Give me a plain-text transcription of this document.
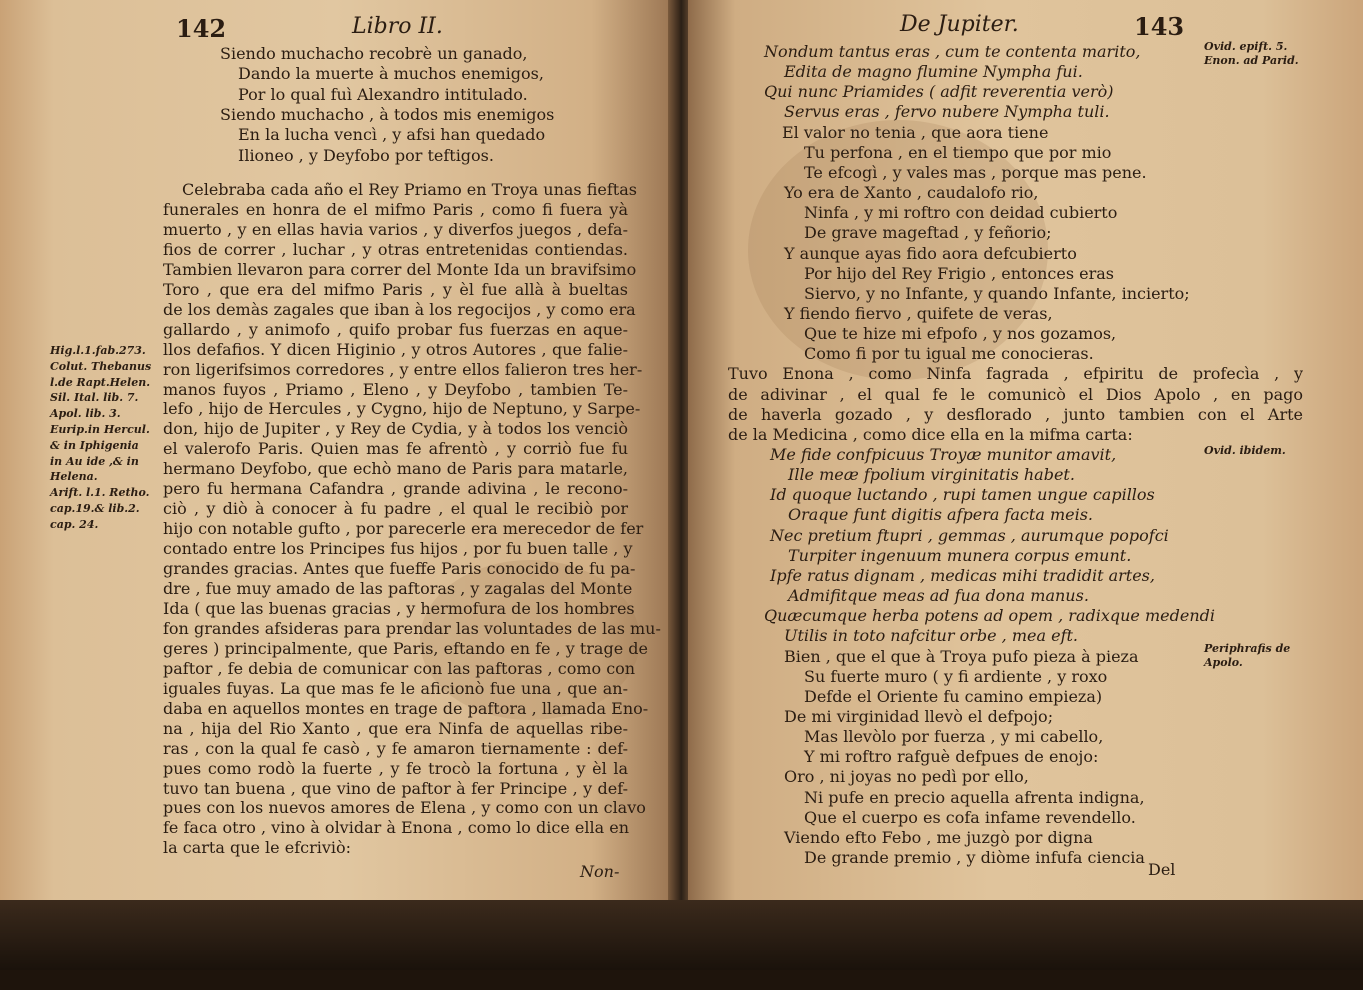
142	Libro II.
Siendo muchacho recobrè un ganado,
Dando la muerte à muchos enemigos,
Por lo qual fuì Alexandro intitulado.
Siendo muchacho , à todos mis enemigos
En la lucha vencì , y afsi han quedado
Ilioneo , y Deyfobo por teftigos.
Celebraba cada año el Rey Priamo en Troya unas fieftas
funerales en honra de el mifmo Paris , como fi fuera yà
muerto , y en ellas havia varios , y diverfos juegos , defa-
fios de correr , luchar , y otras entretenidas contiendas.
Tambien llevaron para correr del Monte Ida un bravifsimo
Toro , que era del mifmo Paris , y èl fue allà à bueltas
de los demàs zagales que iban à los regocijos , y como era
gallardo , y animofo , quifo probar fus fuerzas en aque-
llos defafios. Y dicen Higinio , y otros Autores , que falie-
ron ligerifsimos corredores , y entre ellos falieron tres her-
manos fuyos , Priamo , Eleno , y Deyfobo , tambien Te-
lefo , hijo de Hercules , y Cygno, hijo de Neptuno, y Sarpe-
don, hijo de Jupiter , y Rey de Cydia, y à todos los venciò
el valerofo Paris. Quien mas fe afrentò , y corriò fue fu
hermano Deyfobo, que echò mano de Paris para matarle,
pero fu hermana Cafandra , grande adivina , le recono-
ciò , y diò à conocer à fu padre , el qual le recibiò por
hijo con notable gufto , por parecerle era merecedor de fer
contado entre los Principes fus hijos , por fu buen talle , y
grandes gracias. Antes que fueffe Paris conocido de fu pa-
dre , fue muy amado de las paftoras , y zagalas del Monte
Ida ( que las buenas gracias , y hermofura de los hombres
fon grandes afsideras para prendar las voluntades de las mu-
geres ) principalmente, que Paris, eftando en fe , y trage de
paftor , fe debia de comunicar con las paftoras , como con
iguales fuyas. La que mas fe le aficionò fue una , que an-
daba en aquellos montes en trage de paftora , llamada Eno-
na , hija del Rio Xanto , que era Ninfa de aquellas ribe-
ras , con la qual fe casò , y fe amaron tiernamente : def-
pues como rodò la fuerte , y fe trocò la fortuna , y èl la
tuvo tan buena , que vino de paftor à fer Principe , y def-
pues con los nuevos amores de Elena , y como con un clavo
fe faca otro , vino à olvidar à Enona , como lo dice ella en
la carta que le efcriviò:
Hig.l.1.fab.273.
Colut. Thebanus
l.de Rapt.Helen.
Sil. Ital. lib. 7.
Apol. lib. 3.
Eurip.in Hercul.
& in Iphigenia
in Au ide ,& in
Helena.
Arift. l.1. Retho.
cap.19.& lib.2.
cap. 24.
Non-
De Jupiter.	143
Nondum tantus eras , cum te contenta marito,
Edita de magno flumine Nympha fui.
Qui nunc Priamides ( adfit reverentia verò)
Servus eras , fervo nubere Nympha tuli.
El valor no tenia , que aora tiene
Tu perfona , en el tiempo que por mio
Te efcogì , y vales mas , porque mas pene.
Yo era de Xanto , caudalofo rio,
Ninfa , y mi roftro con deidad cubierto
De grave mageftad , y feñorio;
Y aunque ayas fido aora defcubierto
Por hijo del Rey Frigio , entonces eras
Siervo, y no Infante, y quando Infante, incierto;
Y fiendo fiervo , quifete de veras,
Que te hize mi efpofo , y nos gozamos,
Como fi por tu igual me conocieras.
Tuvo Enona , como Ninfa fagrada , efpiritu de profecìa , y
de adivinar , el qual fe le comunicò el Dios Apolo , en pago
de haverla gozado , y desflorado , junto tambien con el Arte
de la Medicina , como dice ella en la mifma carta:
Me fide confpicuus Troyæ munitor amavit,
Ille meæ fpolium virginitatis habet.
Id quoque luctando , rupi tamen ungue capillos
Oraque funt digitis afpera facta meis.
Nec pretium ftupri , gemmas , aurumque popofci
Turpiter ingenuum munera corpus emunt.
Ipfe ratus dignam , medicas mihi tradidit artes,
Admifitque meas ad fua dona manus.
Quæcumque herba potens ad opem , radixque medendi
Utilis in toto nafcitur orbe , mea eft.
Bien , que el que à Troya pufo pieza à pieza
Su fuerte muro ( y fi ardiente , y roxo
Defde el Oriente fu camino empieza)
De mi virginidad llevò el defpojo;
Mas llevòlo por fuerza , y mi cabello,
Y mi roftro rafguè defpues de enojo:
Oro , ni joyas no pedì por ello,
Ni pufe en precio aquella afrenta indigna,
Que el cuerpo es cofa infame revendello.
Viendo efto Febo , me juzgò por digna
De grande premio , y diòme infufa ciencia
Ovid. epift. 5.
Enon. ad Parid.
Ovid. ibidem.
Periphrafis de
Apolo.
Del
